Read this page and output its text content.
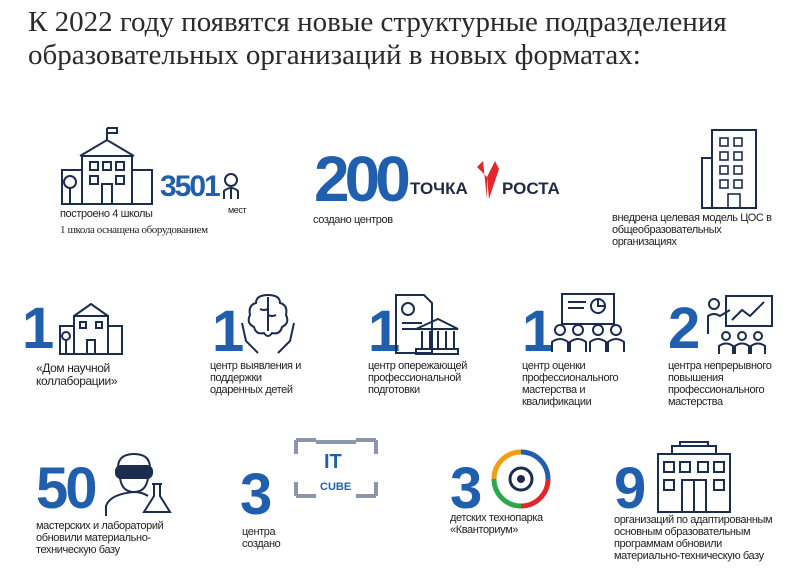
К 2022 году появятся новые структурные подразделения образовательных организаций в новых форматах:
3501
мест
построено 4 школы
1 школа оснащена оборудованием
200 ТОЧКА РОСТА
создано центров	внедрена целевая модель ЦОС в общеобразовательных организациях
1
«Дом научной коллаборации»
1
центр выявления и поддержки одаренных детей
1
центр опережающей профессиональной подготовки
1
центр оценки профессионального мастерства и квалификации
2
центра непрерывного повышения профессионального мастерства
50
мастерских и лабораторий обновили материально-техническую базу
3	IT
CUBE
центра создано
3
детских технопарка «Кванториум»
9
организаций по адаптированным основным образовательным программам обновили материально-техническую базу
